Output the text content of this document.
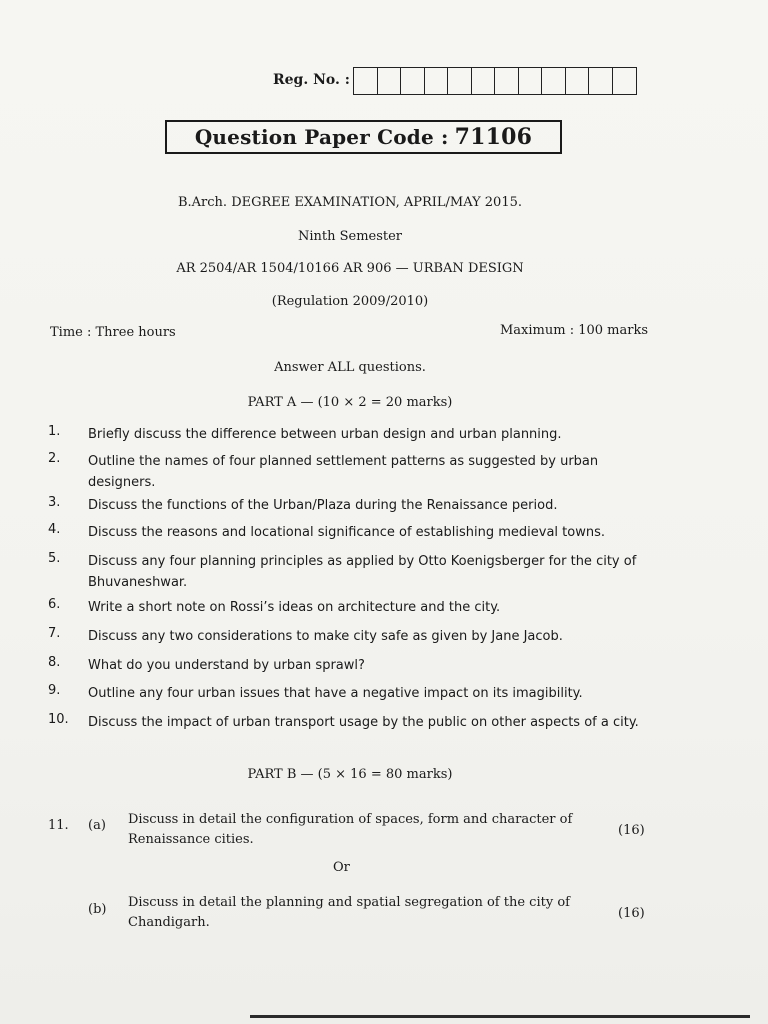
Reg. No. :
Question Paper Code : 71106
B.Arch. DEGREE EXAMINATION, APRIL/MAY 2015.
Ninth Semester
AR 2504/AR 1504/10166 AR 906 — URBAN DESIGN
(Regulation 2009/2010)
Time : Three hours	Maximum : 100 marks
Answer ALL questions.
PART A — (10 × 2 = 20 marks)
1.	Briefly discuss the difference between urban design and urban planning.
2.	Outline the names of four planned settlement patterns as suggested by urban designers.
3.	Discuss the functions of the Urban/Plaza during the Renaissance period.
4.	Discuss the reasons and locational significance of establishing medieval towns.
5.	Discuss any four planning principles as applied by Otto Koenigsberger for the city of Bhuvaneshwar.
6.	Write a short note on Rossi’s ideas on architecture and the city.
7.	Discuss any two considerations to make city safe as given by Jane Jacob.
8.	What do you understand by urban sprawl?
9.	Outline any four urban issues that have a negative impact on its imagibility.
10.	Discuss the impact of urban transport usage by the public on other aspects of a city.
PART B — (5 × 16 = 80 marks)
11. (a) Discuss in detail the configuration of spaces, form and character of Renaissance cities.
(16)
Or
(b) Discuss in detail the planning and spatial segregation of the city of Chandigarh.
(16)
